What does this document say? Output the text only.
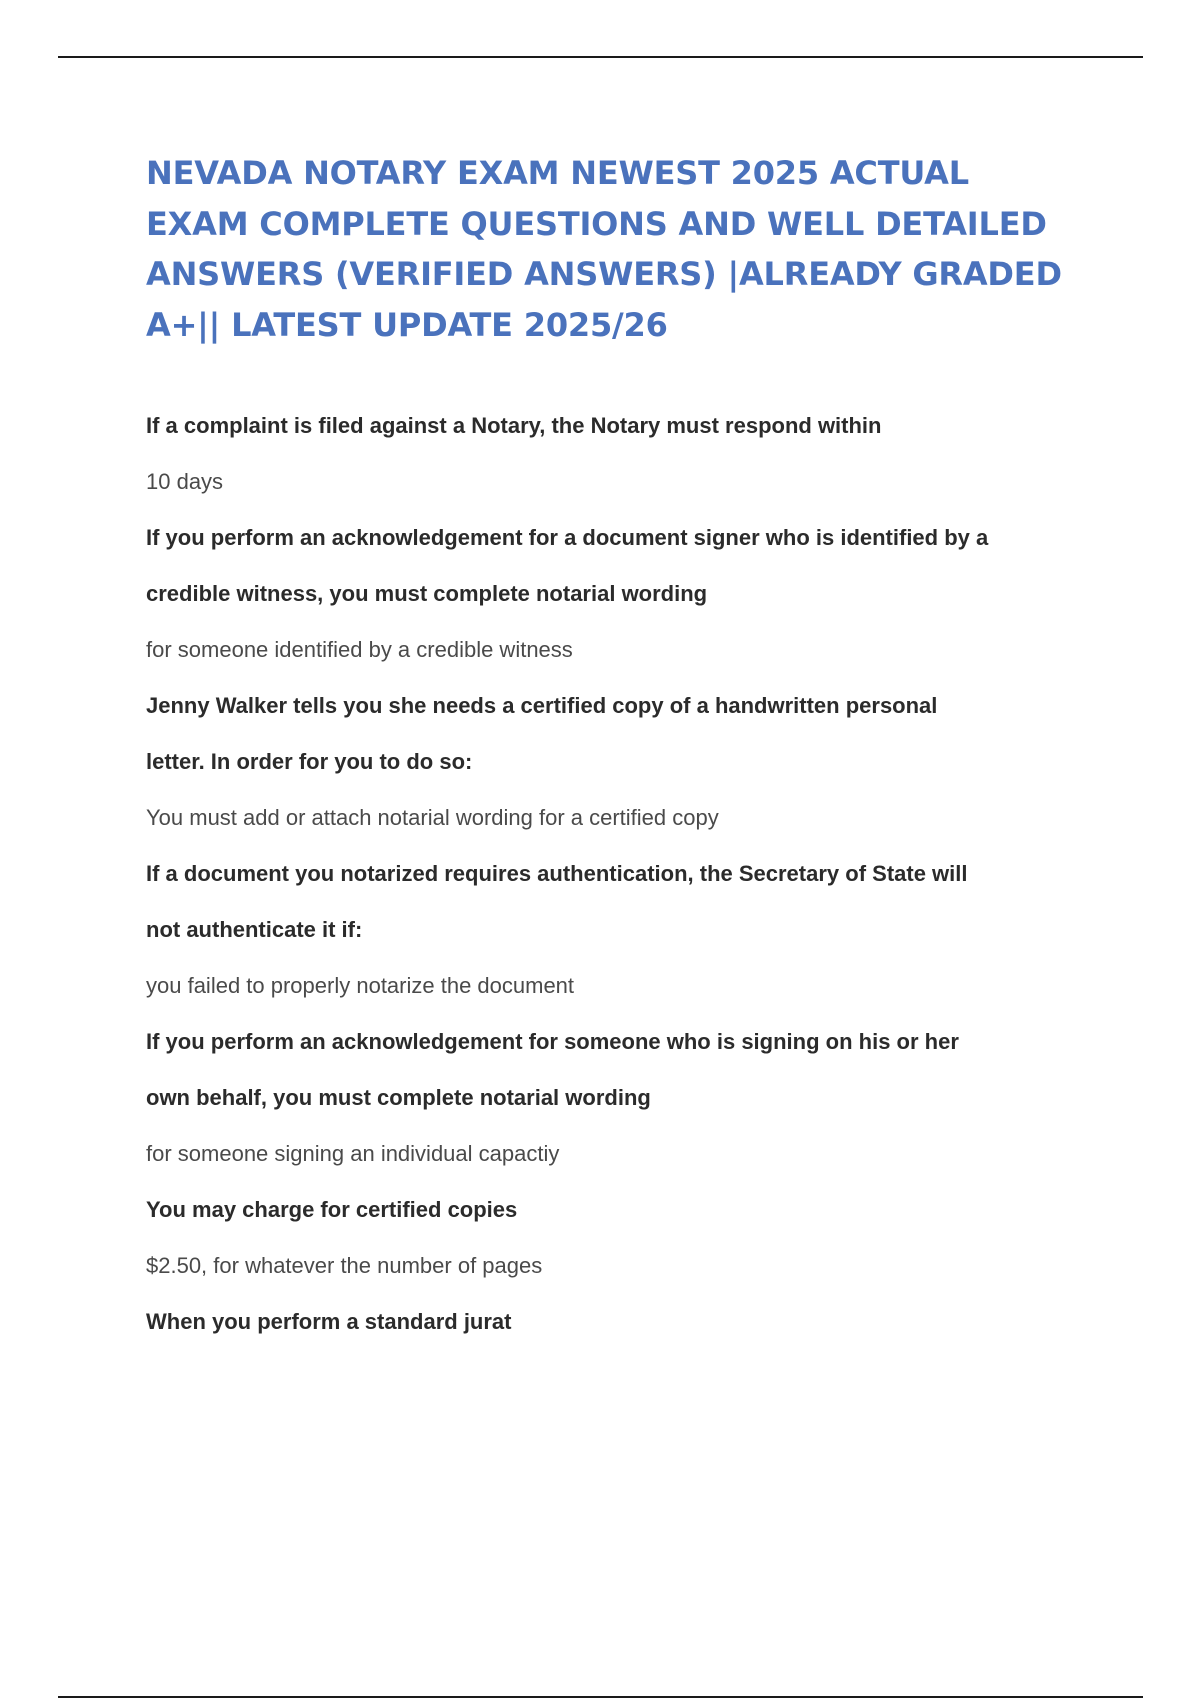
NEVADA NOTARY EXAM NEWEST 2025 ACTUAL
EXAM COMPLETE QUESTIONS AND WELL DETAILED
ANSWERS (VERIFIED ANSWERS) |ALREADY GRADED
A+|| LATEST UPDATE 2025/26

If a complaint is filed against a Notary, the Notary must respond within

10 days

If you perform an acknowledgement for a document signer who is identified by a
credible witness, you must complete notarial wording

for someone identified by a credible witness

Jenny Walker tells you she needs a certified copy of a handwritten personal
letter. In order for you to do so:

You must add or attach notarial wording for a certified copy

If a document you notarized requires authentication, the Secretary of State will
not authenticate it if:

you failed to properly notarize the document

If you perform an acknowledgement for someone who is signing on his or her
own behalf, you must complete notarial wording

for someone signing an individual capactiy

You may charge for certified copies

$2.50, for whatever the number of pages

When you perform a standard jurat
